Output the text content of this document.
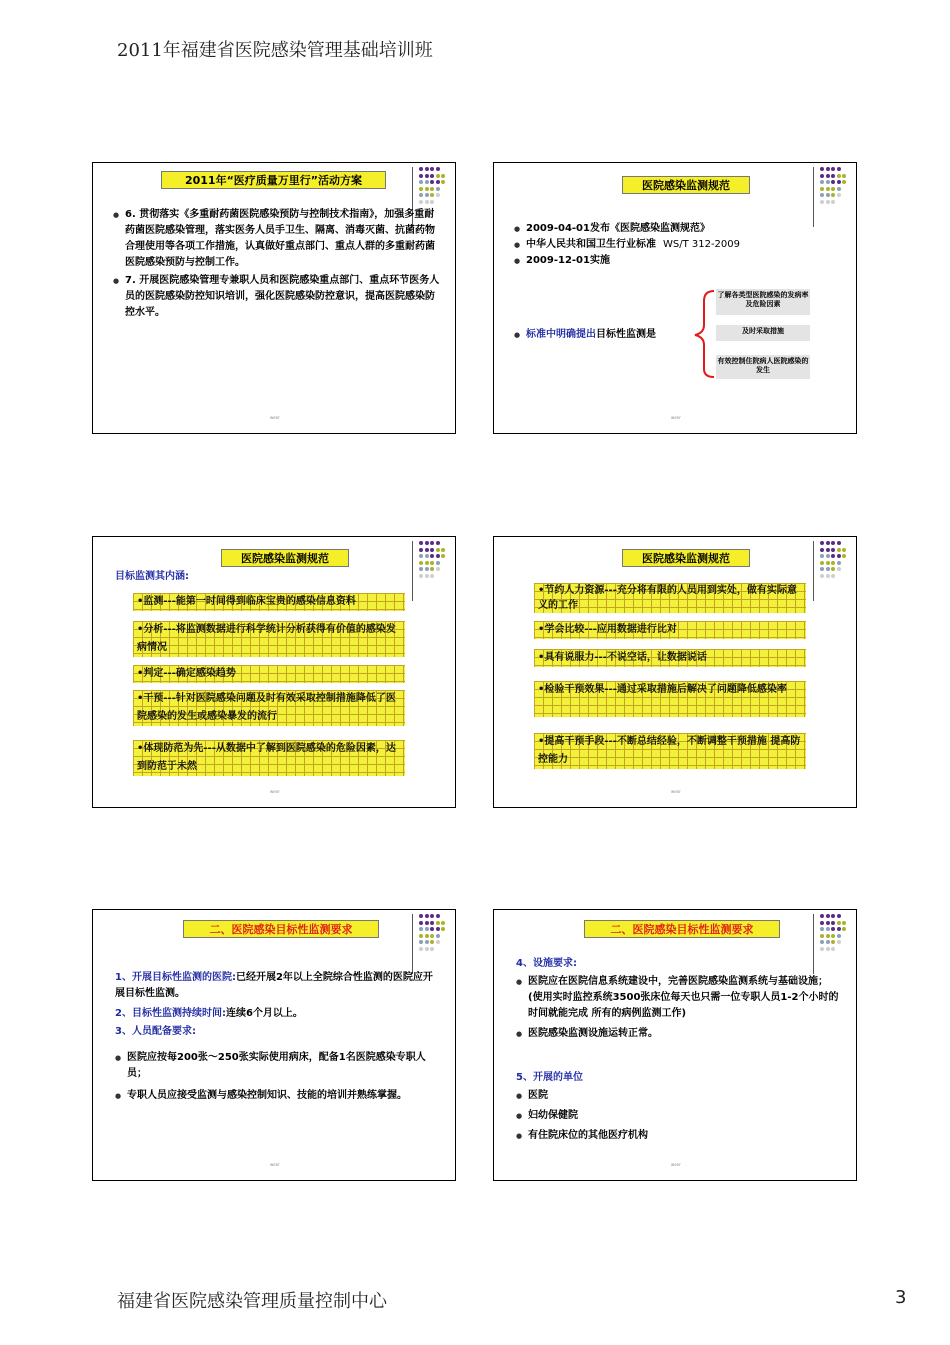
2011年福建省医院感染管理基础培训班
2011年“医疗质量万里行”活动方案
● 6. 贯彻落实《多重耐药菌医院感染预防与控制技术指南》，加强多重耐药菌医院感染管理，落实医务人员手卫生、隔离、消毒灭菌、抗菌药物合理使用等各项工作措施，认真做好重点部门、重点人群的多重耐药菌医院感染预防与控制工作。
● 7. 开展医院感染管理专兼职人员和医院感染重点部门、重点环节医务人员的医院感染防控知识培训，强化医院感染防控意识，提高医院感染防控水平。
wenr
医院感染监测规范
● 2009-04-01发布《医院感染监测规范》
● 中华人民共和国卫生行业标准 WS/T 312-2009
● 2009-12-01实施
● 标准中明确提出目标性监测是
了解各类型医院感染的发病率及危险因素
及时采取措施
有效控制住院病人医院感染的发生
wenr
医院感染监测规范
目标监测其内涵:
•监测---能第一时间得到临床宝贵的感染信息资料
•分析---将监测数据进行科学统计分析获得有价值的感染发病情况
•判定---确定感染趋势
•干预---针对医院感染问题及时有效采取控制措施降低了医院感染的发生或感染暴发的流行
•体现防范为先---从数据中了解到医院感染的危险因素，达到防范于未然
wenr
医院感染监测规范
•节约人力资源---充分将有限的人员用到实处，做有实际意义的工作
•学会比较---应用数据进行比对
•具有说服力---不说空话，让数据说话
•检验干预效果---通过采取措施后解决了问题降低感染率
•提高干预手段---不断总结经验，不断调整干预措施 提高防控能力
wenr
二、医院感染目标性监测要求
1、开展目标性监测的医院:已经开展2年以上全院综合性监测的医院应开展目标性监测。
2、目标性监测持续时间:连续6个月以上。
3、人员配备要求:
● 医院应按每200张～250张实际使用病床，配备1名医院感染专职人员；
● 专职人员应接受监测与感染控制知识、技能的培训并熟练掌握。
wenr
二、医院感染目标性监测要求
4、设施要求:
● 医院应在医院信息系统建设中，完善医院感染监测系统与基础设施；(使用实时监控系统3500张床位每天也只需一位专职人员1-2个小时的时间就能完成 所有的病例监测工作)
● 医院感染监测设施运转正常。
5、开展的单位
● 医院
● 妇幼保健院
● 有住院床位的其他医疗机构
wenr
福建省医院感染管理质量控制中心	3
